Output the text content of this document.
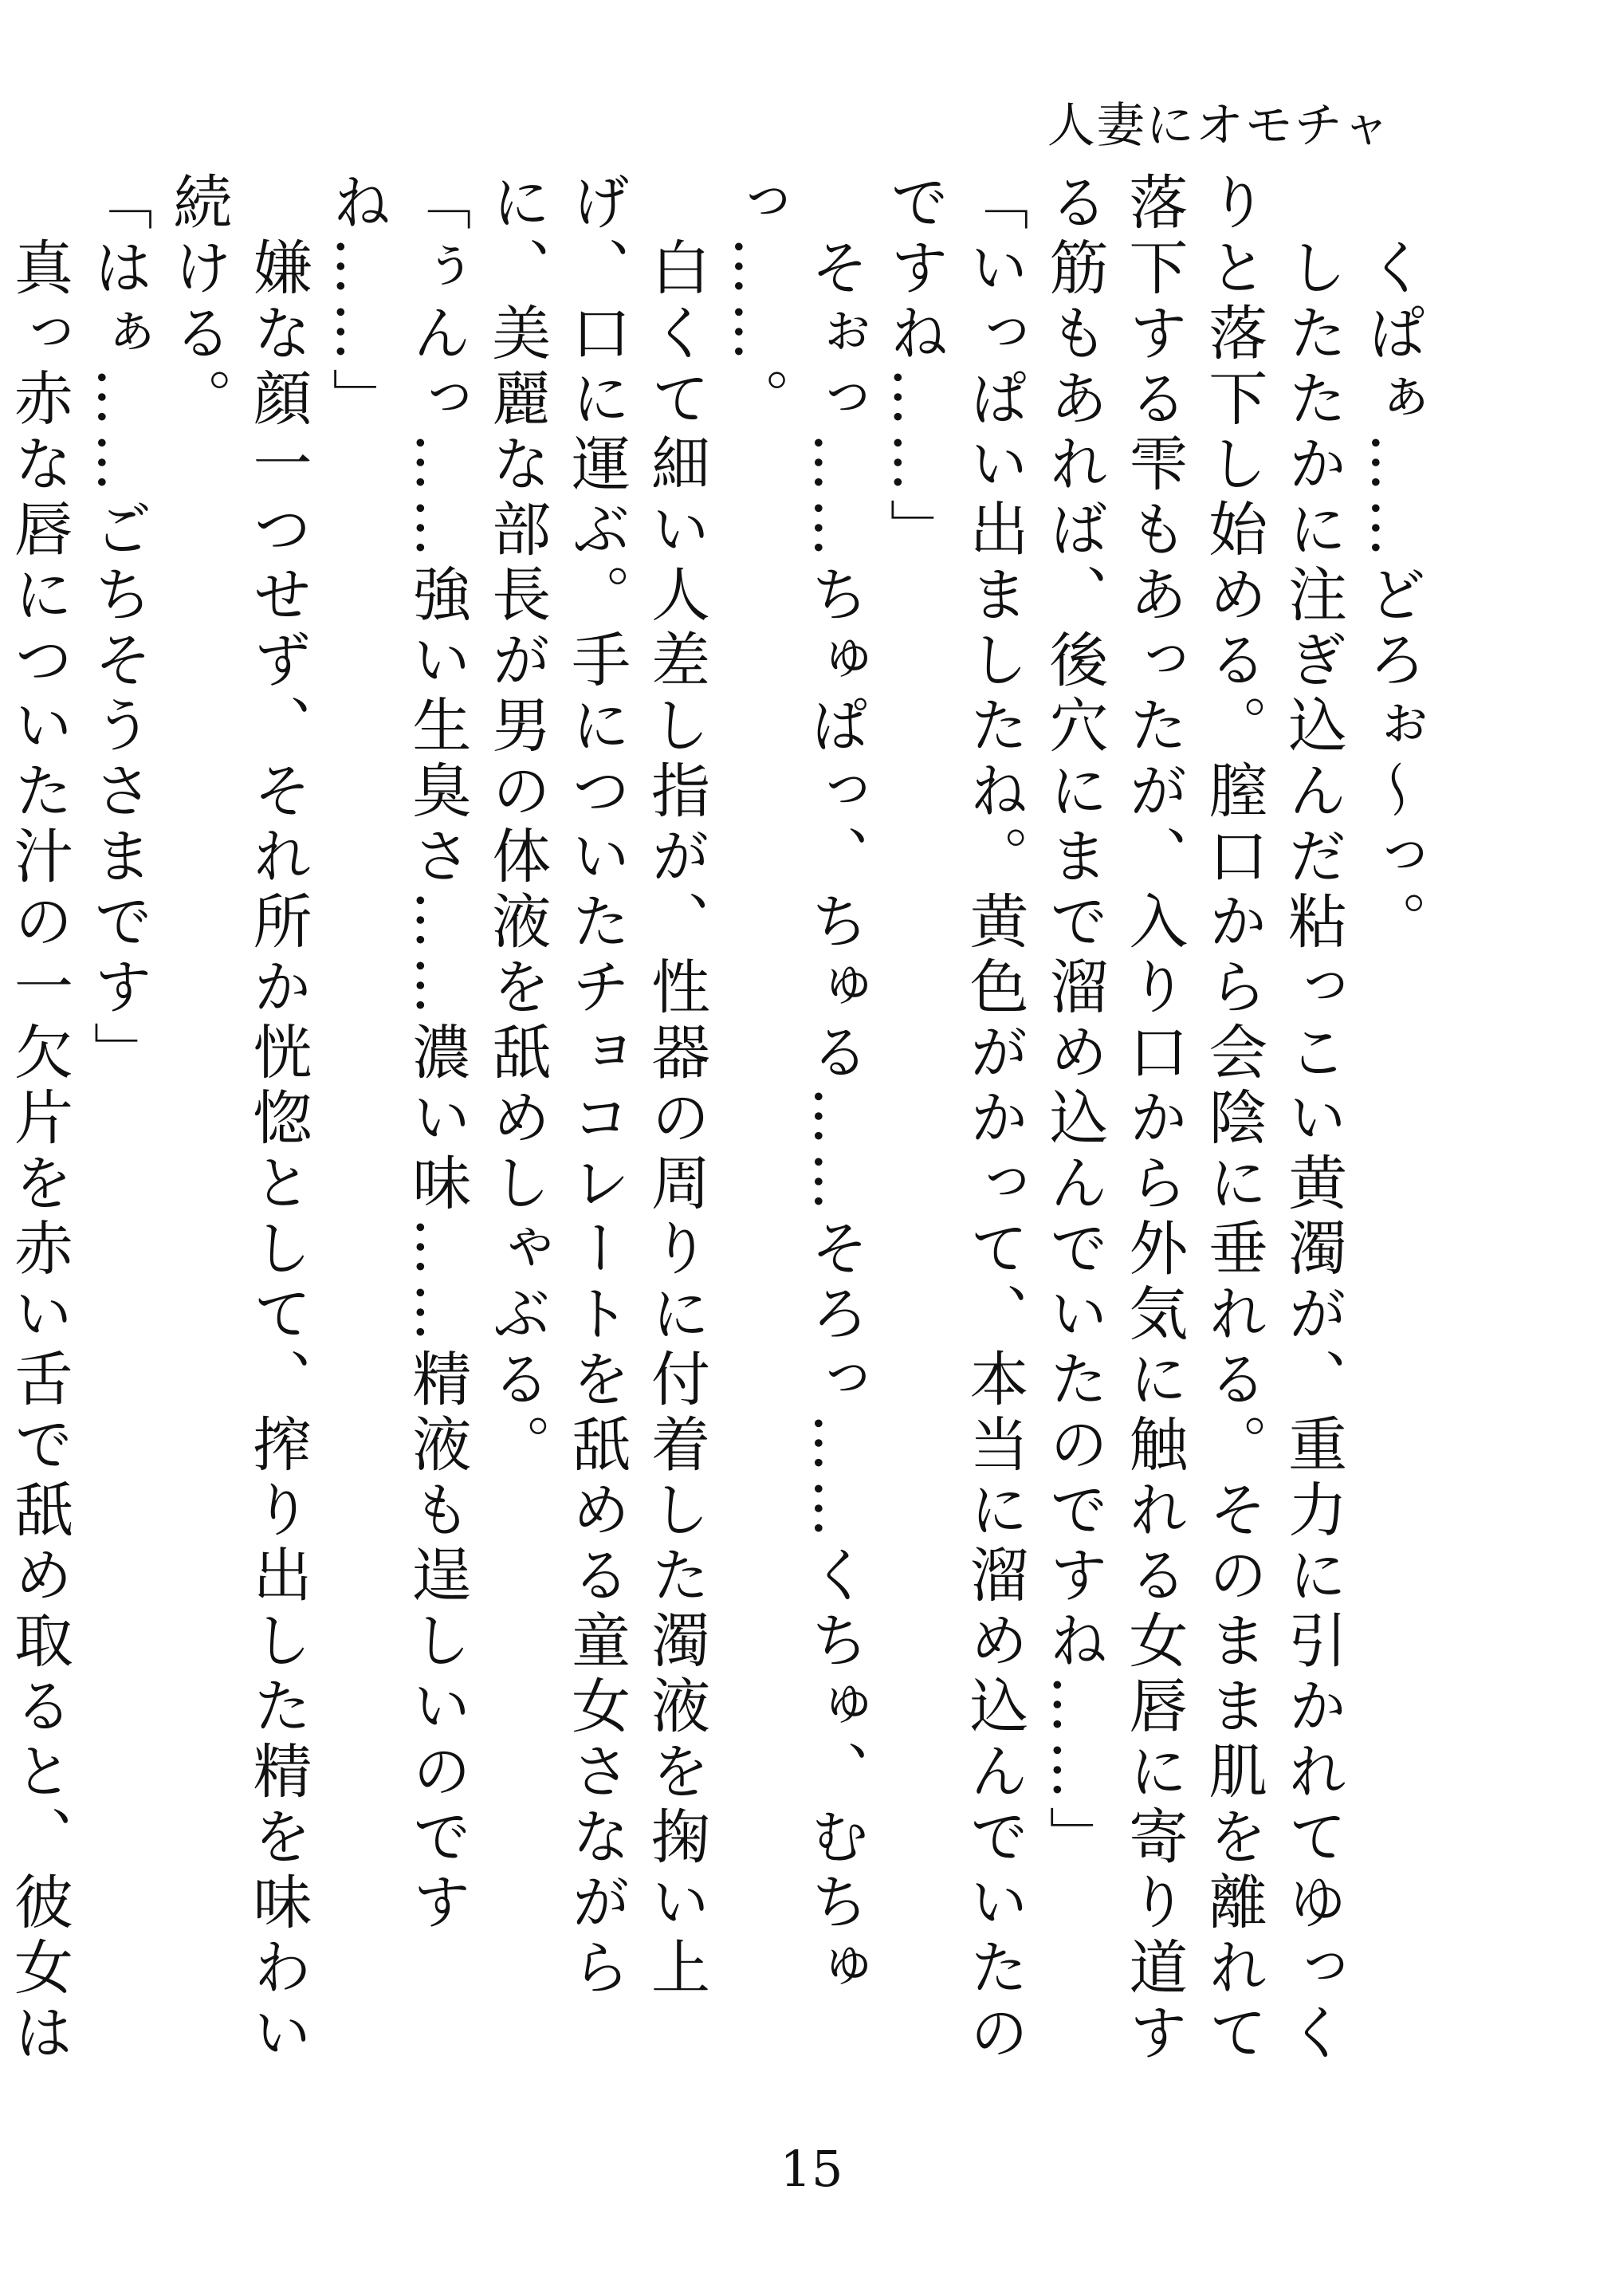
人妻にオモチャ

　くぱぁ……どろぉ〜っ。

　したたかに注ぎ込んだ粘っこい黄濁が、重力に引かれてゆっくりと落下し始める。膣口から会陰に垂れる。そのまま肌を離れて落下する雫もあったが、入り口から外気に触れる女唇に寄り道する筋もあれば、後穴にまで溜め込んでいたのですね……」

「いっぱい出ましたね。黄色がかって、本当に溜め込んでいたのですね……」

　そぉっ……ちゅぱっ、ちゅる……そろっ……くちゅ、むちゅっ……。

　白くて細い人差し指が、性器の周りに付着した濁液を掬い上げ、口に運ぶ。手についたチョコレートを舐める童女さながらに、美麗な部長が男の体液を舐めしゃぶる。

「ぅんっ……強い生臭さ……濃い味……精液も逞しいのですね……」

　嫌な顔一つせず、それ所か恍惚として、搾り出した精を味わい続ける。

「はぁ……ごちそうさまです」

　真っ赤な唇についた汁の一欠片を赤い舌で舐め取ると、彼女は

15
